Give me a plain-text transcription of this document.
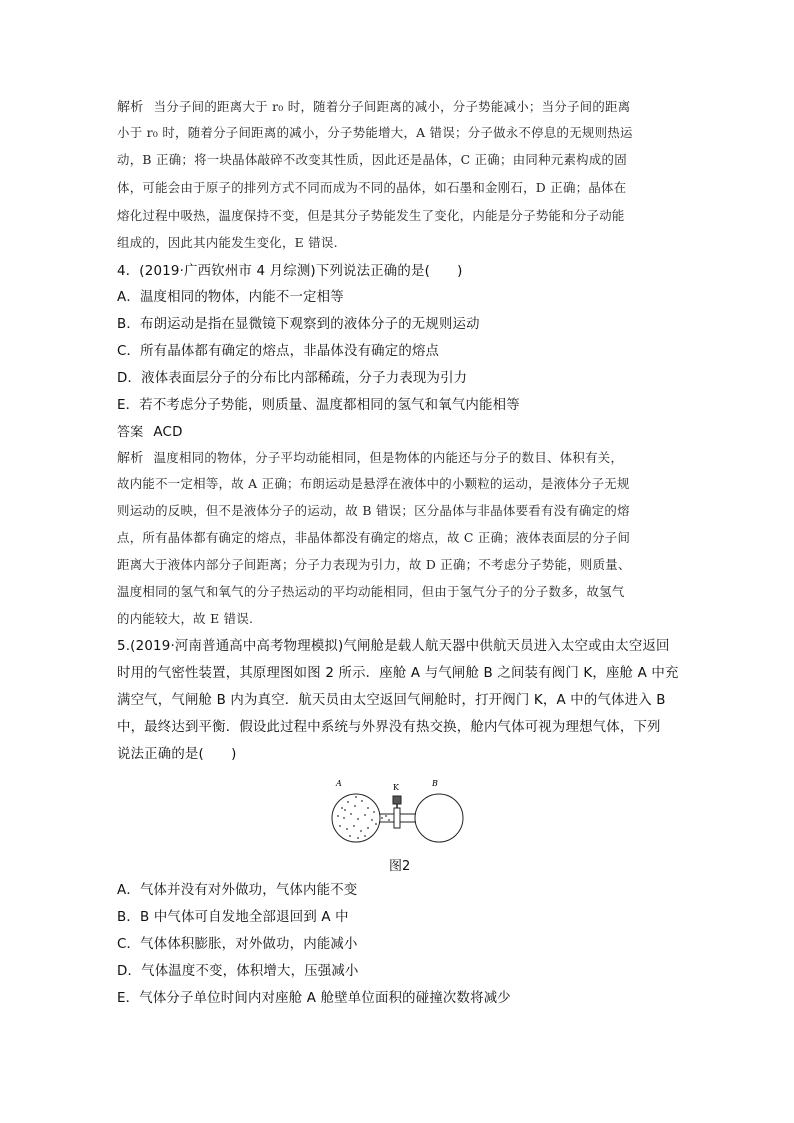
解析 当分子间的距离大于 r₀ 时，随着分子间距离的减小，分子势能减小；当分子间的距离
小于 r₀ 时，随着分子间距离的减小，分子势能增大，A 错误；分子做永不停息的无规则热运
动，B 正确；将一块晶体敲碎不改变其性质，因此还是晶体，C 正确；由同种元素构成的固
体，可能会由于原子的排列方式不同而成为不同的晶体，如石墨和金刚石，D 正确；晶体在
熔化过程中吸热，温度保持不变，但是其分子势能发生了变化，内能是分子势能和分子动能
组成的，因此其内能发生变化，E 错误.
4．(2019·广西钦州市 4 月综测)下列说法正确的是(　　)
A．温度相同的物体，内能不一定相等
B．布朗运动是指在显微镜下观察到的液体分子的无规则运动
C．所有晶体都有确定的熔点，非晶体没有确定的熔点
D．液体表面层分子的分布比内部稀疏，分子力表现为引力
E．若不考虑分子势能，则质量、温度都相同的氢气和氧气内能相等
答案 ACD
解析 温度相同的物体，分子平均动能相同，但是物体的内能还与分子的数目、体积有关，
故内能不一定相等，故 A 正确；布朗运动是悬浮在液体中的小颗粒的运动，是液体分子无规
则运动的反映，但不是液体分子的运动，故 B 错误；区分晶体与非晶体要看有没有确定的熔
点，所有晶体都有确定的熔点，非晶体都没有确定的熔点，故 C 正确；液体表面层的分子间
距离大于液体内部分子间距离；分子力表现为引力，故 D 正确；不考虑分子势能，则质量、
温度相同的氢气和氧气的分子热运动的平均动能相同，但由于氢气分子的分子数多，故氢气
的内能较大，故 E 错误.
5.(2019·河南普通高中高考物理模拟)气闸舱是载人航天器中供航天员进入太空或由太空返回
时用的气密性装置，其原理图如图 2 所示．座舱 A 与气闸舱 B 之间装有阀门 K，座舱 A 中充
满空气，气闸舱 B 内为真空．航天员由太空返回气闸舱时，打开阀门 K，A 中的气体进入 B
中，最终达到平衡．假设此过程中系统与外界没有热交换，舱内气体可视为理想气体，下列
说法正确的是(　　)
A	K	B
图2
A．气体并没有对外做功，气体内能不变
B．B 中气体可自发地全部退回到 A 中
C．气体体积膨胀，对外做功，内能减小
D．气体温度不变，体积增大，压强减小
E．气体分子单位时间内对座舱 A 舱壁单位面积的碰撞次数将减少
